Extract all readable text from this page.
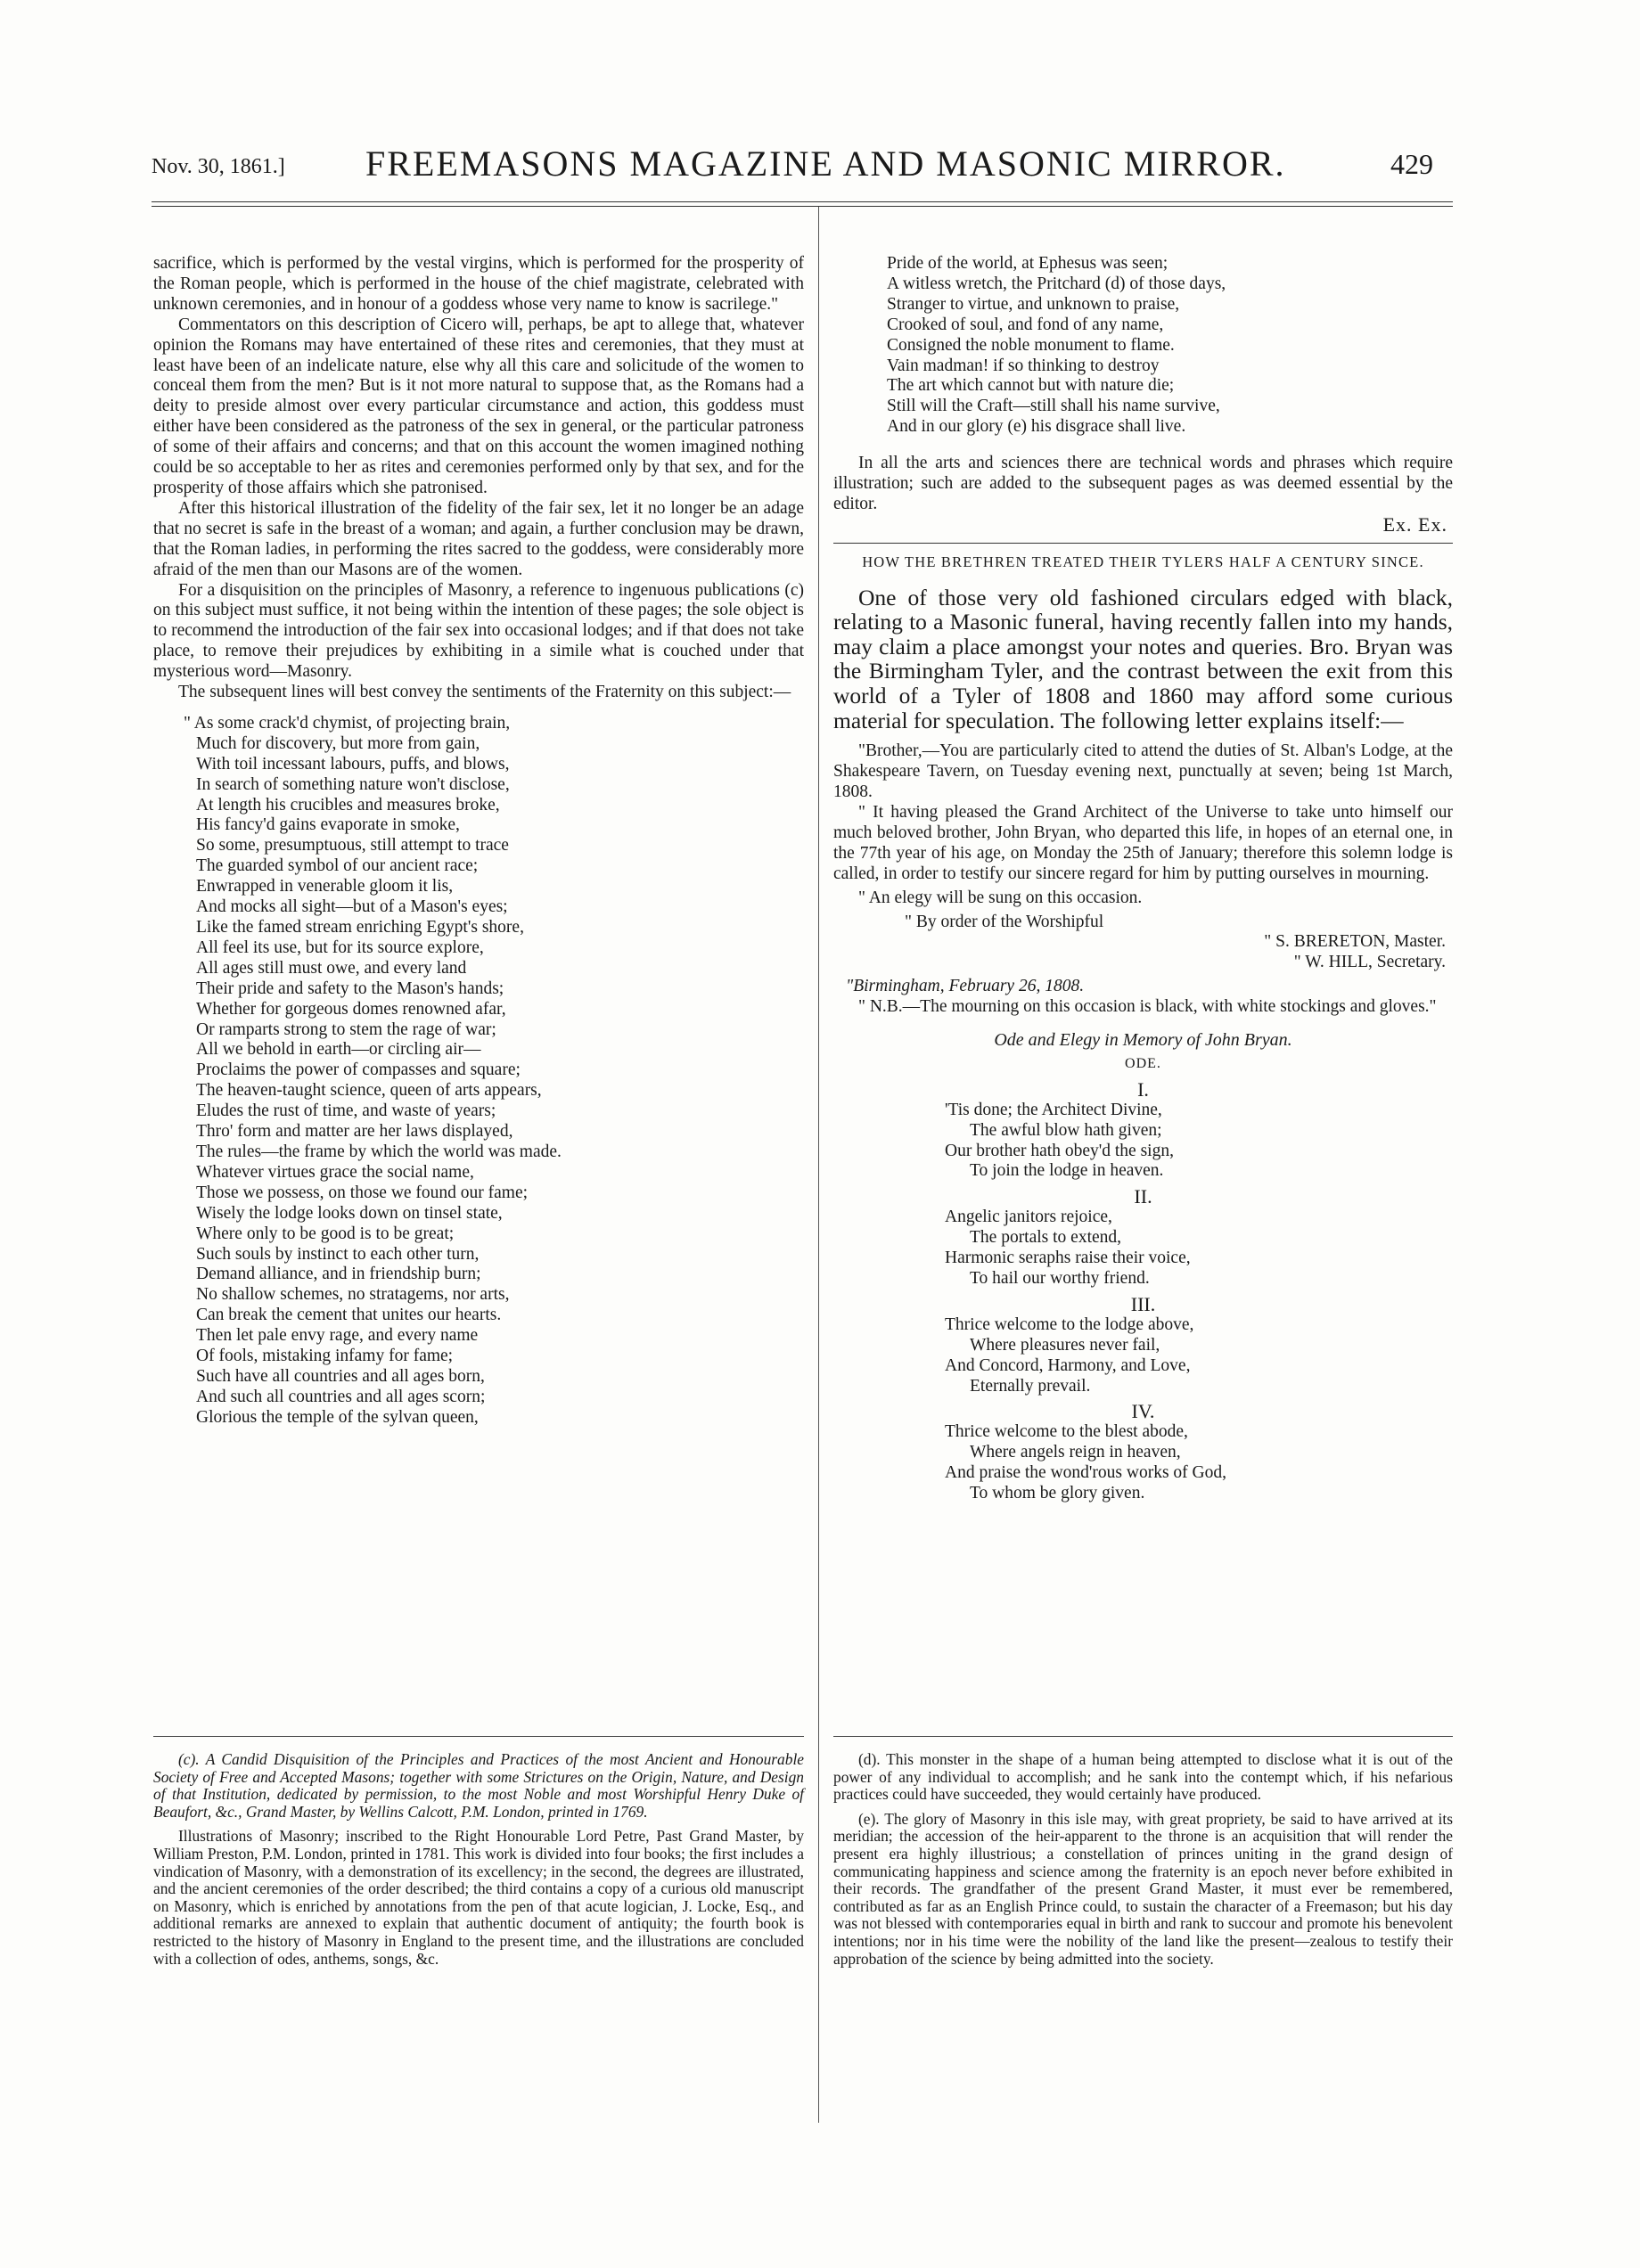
Nov. 30, 1861.] FREEMASONS MAGAZINE AND MASONIC MIRROR.	429

sacrifice, which is performed by the vestal virgins, which is performed for the prosperity of the Roman people, which is performed in the house of the chief magistrate, celebrated with unknown ceremonies, and in honour of a goddess whose very name to know is sacrilege."

Commentators on this description of Cicero will, perhaps, be apt to allege that, whatever opinion the Romans may have entertained of these rites and ceremonies, that they must at least have been of an indelicate nature, else why all this care and solicitude of the women to conceal them from the men? But is it not more natural to suppose that, as the Romans had a deity to preside almost over every particular circumstance and action, this goddess must either have been considered as the patroness of the sex in general, or the particular patroness of some of their affairs and concerns; and that on this account the women imagined nothing could be so acceptable to her as rites and ceremonies performed only by that sex, and for the prosperity of those affairs which she patronised.

After this historical illustration of the fidelity of the fair sex, let it no longer be an adage that no secret is safe in the breast of a woman; and again, a further conclusion may be drawn, that the Roman ladies, in performing the rites sacred to the goddess, were considerably more afraid of the men than our Masons are of the women.

For a disquisition on the principles of Masonry, a reference to ingenuous publications (c) on this subject must suffice, it not being within the intention of these pages; the sole object is to recommend the introduction of the fair sex into occasional lodges; and if that does not take place, to remove their prejudices by exhibiting in a simile what is couched under that mysterious word—Masonry.

The subsequent lines will best convey the sentiments of the Fraternity on this subject:—

" As some crack'd chymist, of projecting brain,
Much for discovery, but more from gain,
With toil incessant labours, puffs, and blows,
In search of something nature won't disclose,
At length his crucibles and measures broke,
His fancy'd gains evaporate in smoke,
So some, presumptuous, still attempt to trace
The guarded symbol of our ancient race;
Enwrapped in venerable gloom it lis,
And mocks all sight—but of a Mason's eyes;
Like the famed stream enriching Egypt's shore,
All feel its use, but for its source explore,
All ages still must owe, and every land
Their pride and safety to the Mason's hands;
Whether for gorgeous domes renowned afar,
Or ramparts strong to stem the rage of war;
All we behold in earth—or circling air—
Proclaims the power of compasses and square;
The heaven-taught science, queen of arts appears,
Eludes the rust of time, and waste of years;
Thro' form and matter are her laws displayed,
The rules—the frame by which the world was made.
Whatever virtues grace the social name,
Those we possess, on those we found our fame;
Wisely the lodge looks down on tinsel state,
Where only to be good is to be great;
Such souls by instinct to each other turn,
Demand alliance, and in friendship burn;
No shallow schemes, no stratagems, nor arts,
Can break the cement that unites our hearts.
Then let pale envy rage, and every name
Of fools, mistaking infamy for fame;
Such have all countries and all ages born,
And such all countries and all ages scorn;
Glorious the temple of the sylvan queen,
Pride of the world, at Ephesus was seen;
A witless wretch, the Pritchard (d) of those days,
Stranger to virtue, and unknown to praise,
Crooked of soul, and fond of any name,
Consigned the noble monument to flame.
Vain madman! if so thinking to destroy
The art which cannot but with nature die;
Still will the Craft—still shall his name survive,
And in our glory (e) his disgrace shall live.

In all the arts and sciences there are technical words and phrases which require illustration; such are added to the subsequent pages as was deemed essential by the editor.

Ex. Ex.
HOW THE BRETHREN TREATED THEIR TYLERS HALF A CENTURY SINCE.

One of those very old fashioned circulars edged with black, relating to a Masonic funeral, having recently fallen into my hands, may claim a place amongst your notes and queries. Bro. Bryan was the Birmingham Tyler, and the contrast between the exit from this world of a Tyler of 1808 and 1860 may afford some curious material for speculation. The following letter explains itself:—

"Brother,—You are particularly cited to attend the duties of St. Alban's Lodge, at the Shakespeare Tavern, on Tuesday evening next, punctually at seven; being 1st March, 1808.

" It having pleased the Grand Architect of the Universe to take unto himself our much beloved brother, John Bryan, who departed this life, in hopes of an eternal one, in the 77th year of his age, on Monday the 25th of January; therefore this solemn lodge is called, in order to testify our sincere regard for him by putting ourselves in mourning.

" An elegy will be sung on this occasion.

" By order of the Worshipful
" S. BRERETON, Master.
" W. HILL, Secretary.
"Birmingham, February 26, 1808.

" N.B.—The mourning on this occasion is black, with white stockings and gloves."

Ode and Elegy in Memory of John Bryan.
ODE.
I.
'Tis done; the Architect Divine,
The awful blow hath given;
Our brother hath obey'd the sign,
To join the lodge in heaven.
II.
Angelic janitors rejoice,
The portals to extend,
Harmonic seraphs raise their voice,
To hail our worthy friend.
III.
Thrice welcome to the lodge above,
Where pleasures never fail,
And Concord, Harmony, and Love,
Eternally prevail.
IV.
Thrice welcome to the blest abode,
Where angels reign in heaven,
And praise the wond'rous works of God,
To whom be glory given.

(c). A Candid Disquisition of the Principles and Practices of the most Ancient and Honourable Society of Free and Accepted Masons; together with some Strictures on the Origin, Nature, and Design of that Institution, dedicated by permission, to the most Noble and most Worshipful Henry Duke of Beaufort, &c., Grand Master, by Wellins Calcott, P.M. London, printed in 1769.

Illustrations of Masonry; inscribed to the Right Honourable Lord Petre, Past Grand Master, by William Preston, P.M. London, printed in 1781. This work is divided into four books; the first includes a vindication of Masonry, with a demonstration of its excellency; in the second, the degrees are illustrated, and the ancient ceremonies of the order described; the third contains a copy of a curious old manuscript on Masonry, which is enriched by annotations from the pen of that acute logician, J. Locke, Esq., and additional remarks are annexed to explain that authentic document of antiquity; the fourth book is restricted to the history of Masonry in England to the present time, and the illustrations are concluded with a collection of odes, anthems, songs, &c.

(d). This monster in the shape of a human being attempted to disclose what it is out of the power of any individual to accomplish; and he sank into the contempt which, if his nefarious practices could have succeeded, they would certainly have produced.

(e). The glory of Masonry in this isle may, with great propriety, be said to have arrived at its meridian; the accession of the heir-apparent to the throne is an acquisition that will render the present era highly illustrious; a constellation of princes uniting in the grand design of communicating happiness and science among the fraternity is an epoch never before exhibited in their records. The grandfather of the present Grand Master, it must ever be remembered, contributed as far as an English Prince could, to sustain the character of a Freemason; but his day was not blessed with contemporaries equal in birth and rank to succour and promote his benevolent intentions; nor in his time were the nobility of the land like the present—zealous to testify their approbation of the science by being admitted into the society.
